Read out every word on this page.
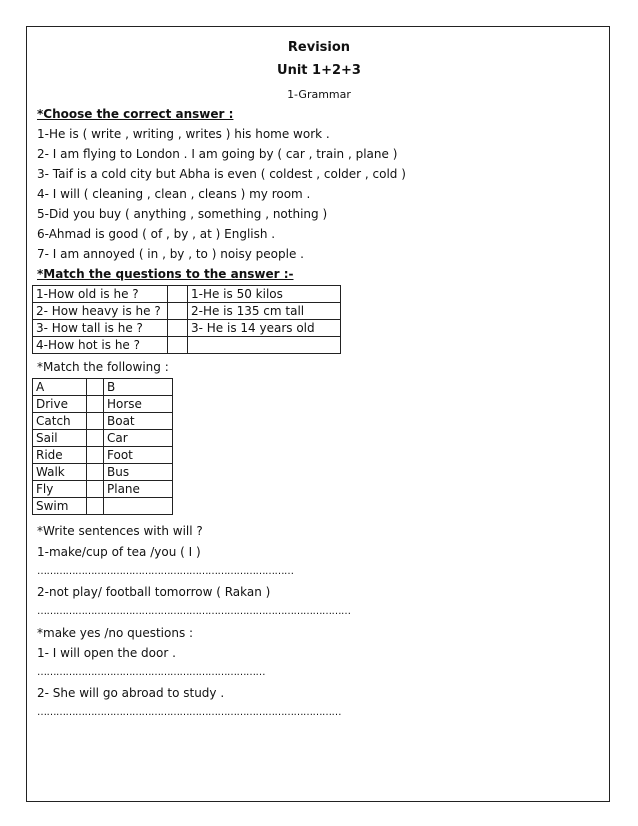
Revision
Unit 1+2+3
1-Grammar
*Choose the correct answer :
1-He is ( write , writing , writes ) his home work .
2- I am flying to London . I am going by ( car , train , plane )
3- Taif is a cold city but Abha is even ( coldest , colder , cold )
4- I will ( cleaning , clean , cleans ) my room .
5-Did you buy ( anything , something , nothing )
6-Ahmad is good ( of , by , at ) English .
7- I am annoyed ( in , by , to ) noisy people .
*Match the questions to the answer :-
1-How old is he ?		1-He is 50 kilos
2- How heavy is he ?		2-He is 135 cm tall
3- How tall is he ?		3- He is 14 years old
4-How hot is he ?		
*Match the following :
A		B
Drive		Horse
Catch		Boat
Sail		Car
Ride		Foot
Walk		Bus
Fly		Plane
Swim		
*Write sentences with will ?
1-make/cup of tea /you ( I )
………………………………………………………………………
2-not play/ football tomorrow ( Rakan )
………………………………………………………………………………………
*make yes /no questions :
1- I will open the door .
………………………………………………………………
2- She will go abroad to study .
……………………………………………………………………………………
